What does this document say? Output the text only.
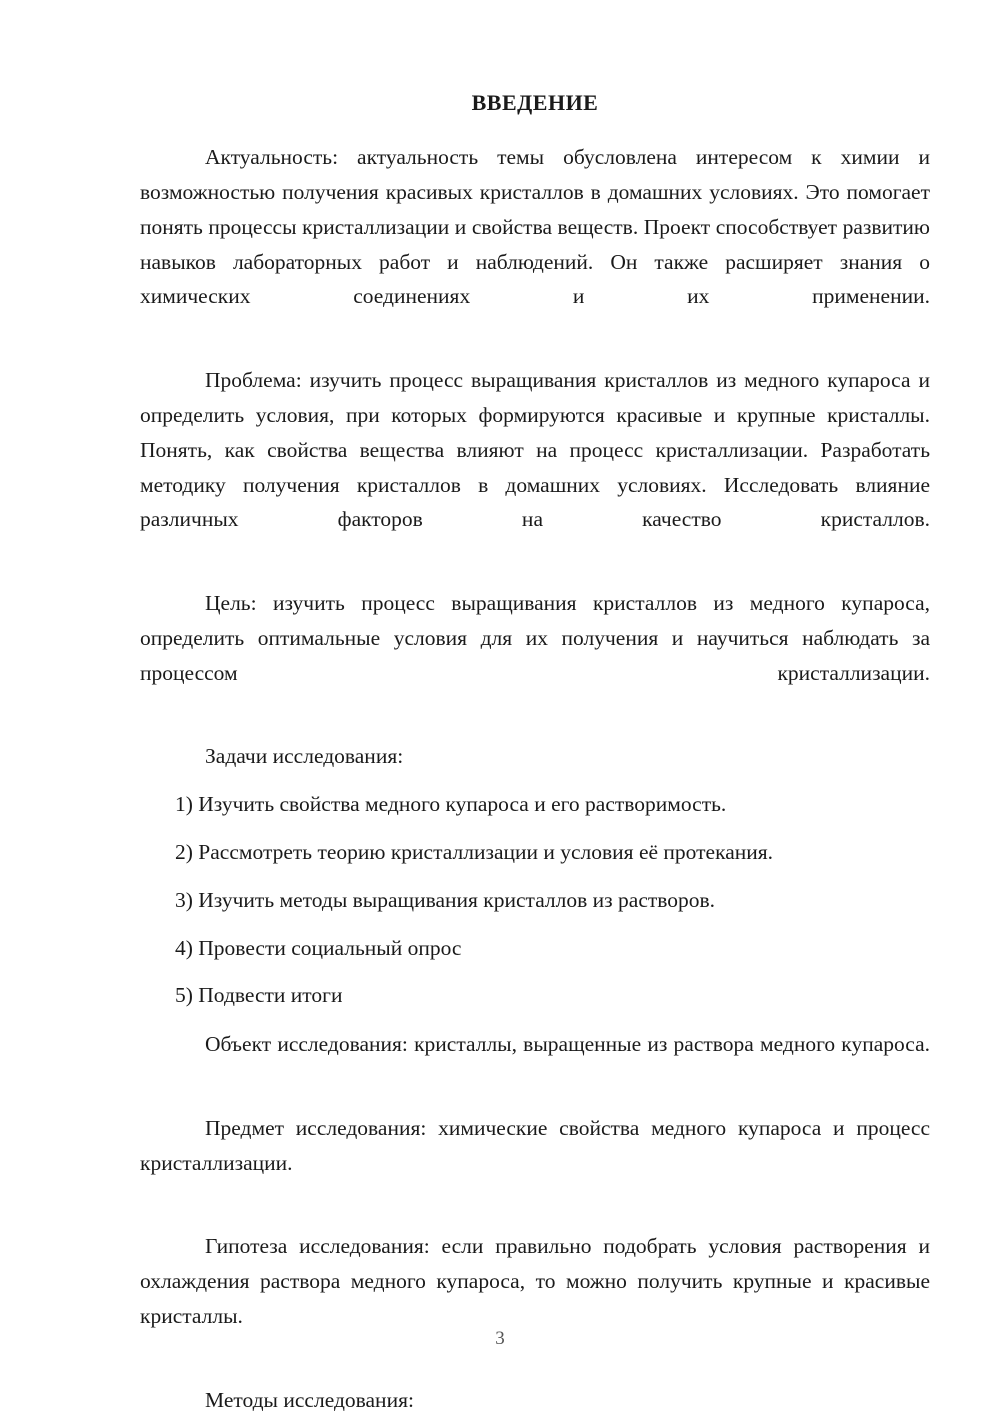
ВВЕДЕНИЕ

Актуальность: актуальность темы обусловлена интересом к химии и возможностью получения красивых кристаллов в домашних условиях. Это помогает понять процессы кристаллизации и свойства веществ. Проект способствует развитию навыков лабораторных работ и наблюдений. Он также расширяет знания о химических соединениях и их применении.

Проблема: изучить процесс выращивания кристаллов из медного купароса и определить условия, при которых формируются красивые и крупные кристаллы. Понять, как свойства вещества влияют на процесс кристаллизации. Разработать методику получения кристаллов в домашних условиях. Исследовать влияние различных факторов на качество кристаллов.

Цель: изучить процесс выращивания кристаллов из медного купароса, определить оптимальные условия для их получения и научиться наблюдать за процессом кристаллизации.

Задачи исследования:

1) Изучить свойства медного купароса и его растворимость.
2) Рассмотреть теорию кристаллизации и условия её протекания.
3) Изучить методы выращивания кристаллов из растворов.
4) Провести социальный опрос
5) Подвести итоги

Объект исследования: кристаллы, выращенные из раствора медного купароса.

Предмет исследования: химические свойства медного купароса и процесс кристаллизации.

Гипотеза исследования: если правильно подобрать условия растворения и охлаждения раствора медного купароса, то можно получить крупные и красивые кристаллы.

Методы исследования:

3
